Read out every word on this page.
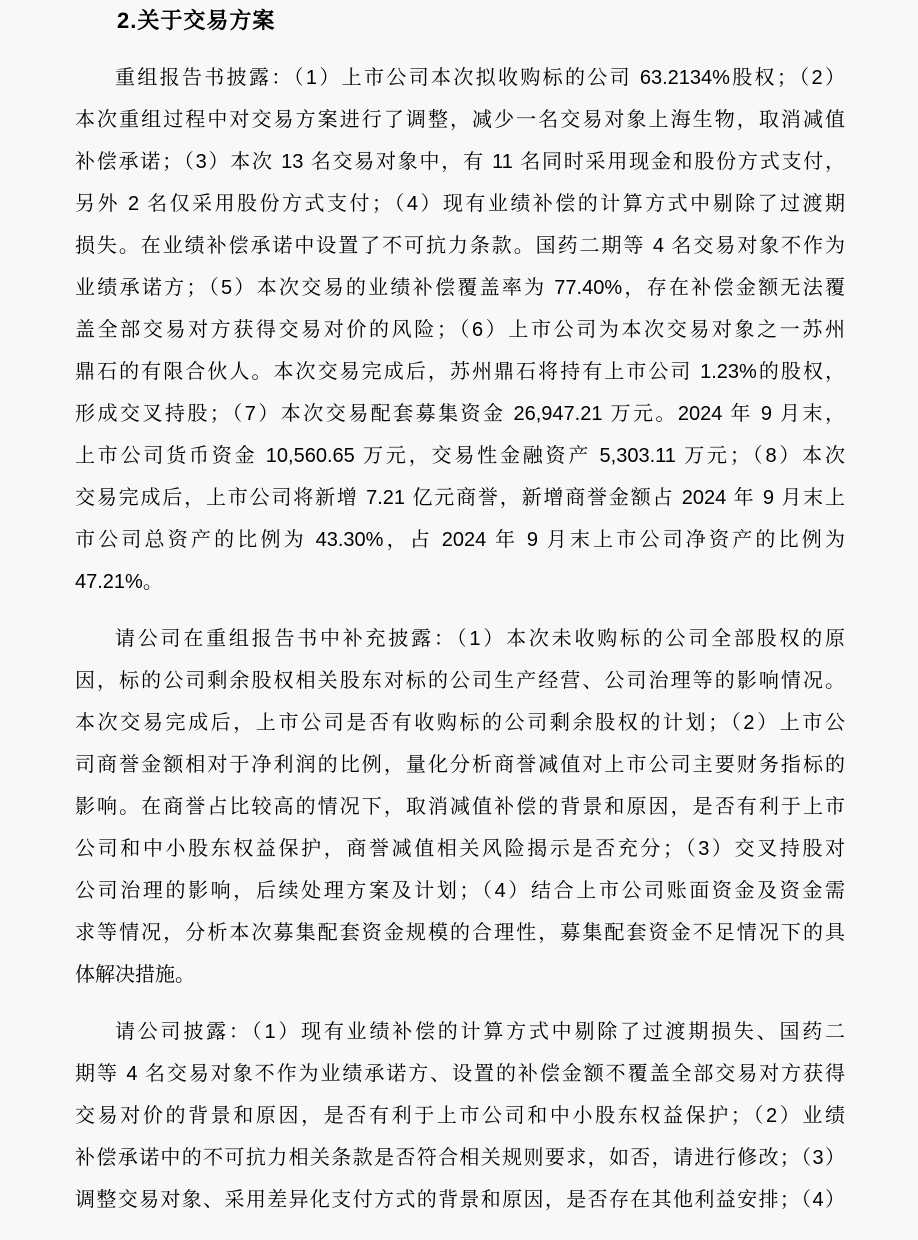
2.关于交易方案
重组报告书披露：（1）上市公司本次拟收购标的公司 63.2134%股权；（2）
本次重组过程中对交易方案进行了调整，减少一名交易对象上海生物，取消减值
补偿承诺；（3）本次 13 名交易对象中，有 11 名同时采用现金和股份方式支付，
另外 2 名仅采用股份方式支付；（4）现有业绩补偿的计算方式中剔除了过渡期
损失。在业绩补偿承诺中设置了不可抗力条款。国药二期等 4 名交易对象不作为
业绩承诺方；（5）本次交易的业绩补偿覆盖率为 77.40%，存在补偿金额无法覆
盖全部交易对方获得交易对价的风险；（6）上市公司为本次交易对象之一苏州
鼎石的有限合伙人。本次交易完成后，苏州鼎石将持有上市公司 1.23%的股权，
形成交叉持股；（7）本次交易配套募集资金 26,947.21 万元。2024 年 9 月末，
上市公司货币资金 10,560.65 万元，交易性金融资产 5,303.11 万元；（8）本次
交易完成后，上市公司将新增 7.21 亿元商誉，新增商誉金额占 2024 年 9 月末上
市公司总资产的比例为 43.30%，占 2024 年 9 月末上市公司净资产的比例为
47.21%。
请公司在重组报告书中补充披露：（1）本次未收购标的公司全部股权的原
因，标的公司剩余股权相关股东对标的公司生产经营、公司治理等的影响情况。
本次交易完成后，上市公司是否有收购标的公司剩余股权的计划；（2）上市公
司商誉金额相对于净利润的比例，量化分析商誉减值对上市公司主要财务指标的
影响。在商誉占比较高的情况下，取消减值补偿的背景和原因，是否有利于上市
公司和中小股东权益保护，商誉减值相关风险揭示是否充分；（3）交叉持股对
公司治理的影响，后续处理方案及计划；（4）结合上市公司账面资金及资金需
求等情况，分析本次募集配套资金规模的合理性，募集配套资金不足情况下的具
体解决措施。
请公司披露：（1）现有业绩补偿的计算方式中剔除了过渡期损失、国药二
期等 4 名交易对象不作为业绩承诺方、设置的补偿金额不覆盖全部交易对方获得
交易对价的背景和原因，是否有利于上市公司和中小股东权益保护；（2）业绩
补偿承诺中的不可抗力相关条款是否符合相关规则要求，如否，请进行修改；（3）
调整交易对象、采用差异化支付方式的背景和原因，是否存在其他利益安排；（4）
